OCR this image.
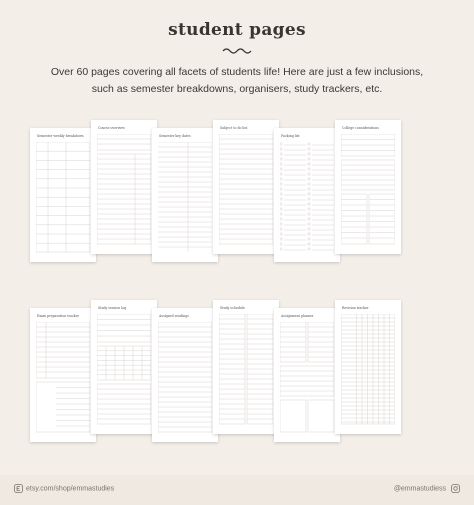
student pages
Over 60 pages covering all facets of students life! Here are just a few inclusions,
such as semester breakdowns, organisers, study trackers, etc.
Semester weekly breakdown
Course overview
Semester key dates
Subject to do list
Packing list
College considerations
Exam preparation tracker
Study session log
Assigned readings
Study schedule
Assignment planner
Revision tracker
etsy.com/shop/emmastudies	@emmastudiess
